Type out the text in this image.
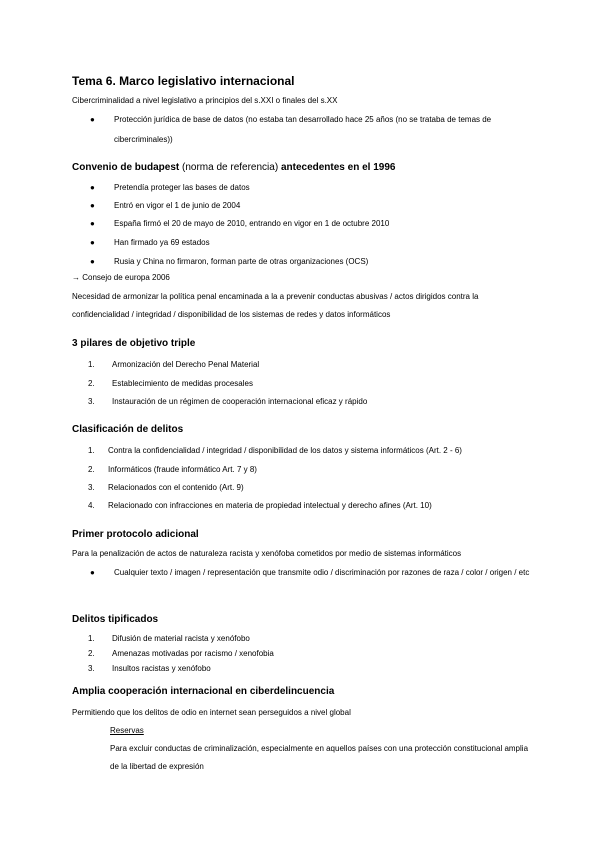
Tema 6. Marco legislativo internacional
Cibercriminalidad a nivel legislativo a principios del s.XXI o finales del s.XX
● Protección jurídica de base de datos (no estaba tan desarrollado hace 25 años (no se trataba de temas de cibercriminales))
Convenio de budapest (norma de referencia) antecedentes en el 1996
● Pretendía proteger las bases de datos
● Entró en vigor el 1 de junio de 2004
● España firmó el 20 de mayo de 2010, entrando en vigor en 1 de octubre 2010
● Han firmado ya 69 estados
● Rusia y China no firmaron, forman parte de otras organizaciones (OCS)
→ Consejo de europa 2006
Necesidad de armonizar la política penal encaminada a la a prevenir conductas abusivas / actos dirigidos contra la confidencialidad / integridad / disponibilidad de los sistemas de redes y datos informáticos
3 pilares de objetivo triple
1. Armonización del Derecho Penal Material
2. Establecimiento de medidas procesales
3. Instauración de un régimen de cooperación internacional eficaz y rápido
Clasificación de delitos
1. Contra la confidencialidad / integridad / disponibilidad de los datos y sistema informáticos (Art. 2 - 6)
2. Informáticos (fraude informático Art. 7 y 8)
3. Relacionados con el contenido (Art. 9)
4. Relacionado con infracciones en materia de propiedad intelectual y derecho afines (Art. 10)
Primer protocolo adicional
Para la penalización de actos de naturaleza racista y xenófoba cometidos por medio de sistemas informáticos
● Cualquier texto / imagen / representación que transmite odio / discriminación por razones de raza / color / origen / etc
Delitos tipificados
1. Difusión de material racista y xenófobo
2. Amenazas motivadas por racismo / xenofobia
3. Insultos racistas y xenófobo
Amplia cooperación internacional en ciberdelincuencia
Permitiendo que los delitos de odio en internet sean perseguidos a nivel global
Reservas
Para excluir conductas de criminalización, especialmente en aquellos países con una protección constitucional amplia de la libertad de expresión
